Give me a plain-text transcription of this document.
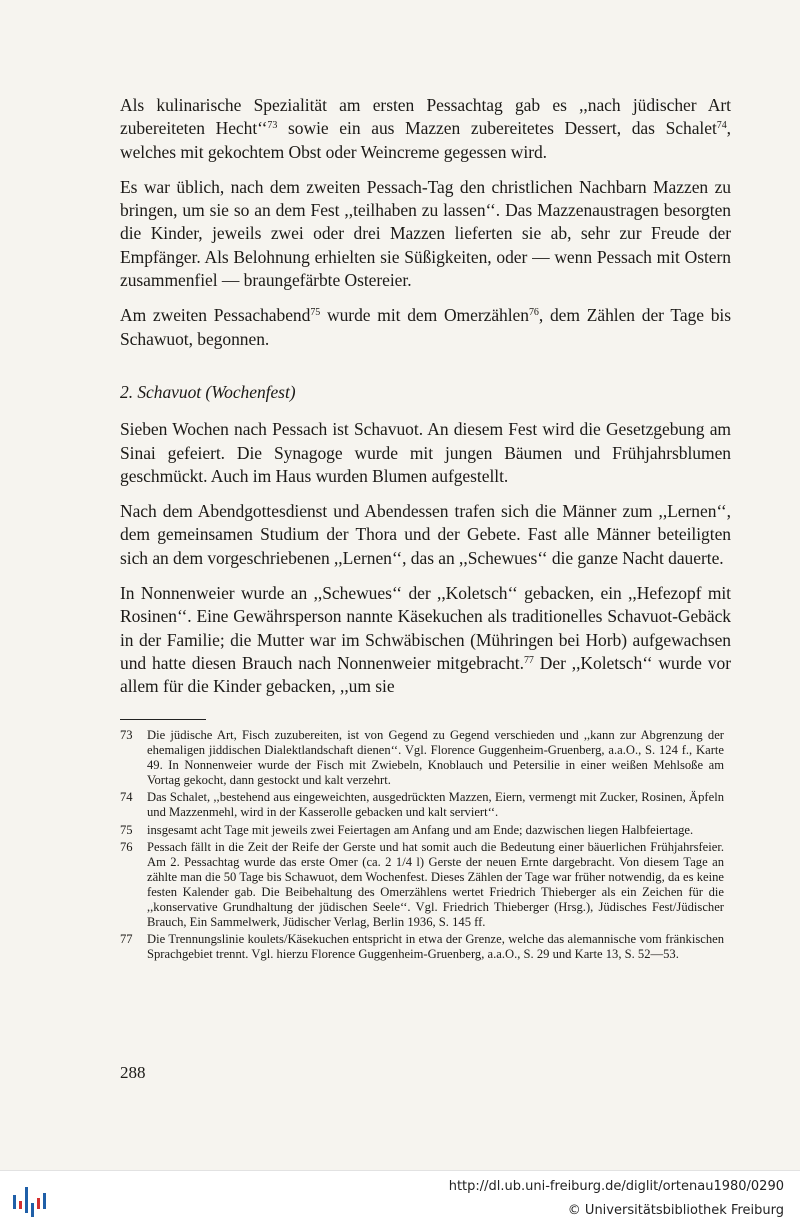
Als kulinarische Spezialität am ersten Pessachtag gab es ,,nach jüdischer Art zubereiteten Hecht‘‘$^{73}$ sowie ein aus Mazzen zubereitetes Dessert, das Schalet$^{74}$, welches mit gekochtem Obst oder Weincreme gegessen wird.

Es war üblich, nach dem zweiten Pessach-Tag den christlichen Nachbarn Mazzen zu bringen, um sie so an dem Fest ,,teilhaben zu lassen‘‘. Das Mazzenaustragen besorgten die Kinder, jeweils zwei oder drei Mazzen lieferten sie ab, sehr zur Freude der Empfänger. Als Belohnung erhielten sie Süßigkeiten, oder — wenn Pessach mit Ostern zusammenfiel — braungefärbte Ostereier.

Am zweiten Pessachabend$^{75}$ wurde mit dem Omerzählen$^{76}$, dem Zählen der Tage bis Schawuot, begonnen.

2. Schavuot (Wochenfest)

Sieben Wochen nach Pessach ist Schavuot. An diesem Fest wird die Gesetzgebung am Sinai gefeiert. Die Synagoge wurde mit jungen Bäumen und Frühjahrsblumen geschmückt. Auch im Haus wurden Blumen aufgestellt.

Nach dem Abendgottesdienst und Abendessen trafen sich die Männer zum ,,Lernen‘‘, dem gemeinsamen Studium der Thora und der Gebete. Fast alle Männer beteiligten sich an dem vorgeschriebenen ,,Lernen‘‘, das an ,,Schewues‘‘ die ganze Nacht dauerte.

In Nonnenweier wurde an ,,Schewues‘‘ der ,,Koletsch‘‘ gebacken, ein ,,Hefezopf mit Rosinen‘‘. Eine Gewährsperson nannte Käsekuchen als traditionelles Schavuot-Gebäck in der Familie; die Mutter war im Schwäbischen (Mühringen bei Horb) aufgewachsen und hatte diesen Brauch nach Nonnenweier mitgebracht.$^{77}$ Der ,,Koletsch‘‘ wurde vor allem für die Kinder gebacken, ,,um sie

73	Die jüdische Art, Fisch zuzubereiten, ist von Gegend zu Gegend verschieden und ,,kann zur Abgrenzung der ehemaligen jiddischen Dialektlandschaft dienen‘‘. Vgl. Florence Guggenheim-Gruenberg, a.a.O., S. 124 f., Karte 49. In Nonnenweier wurde der Fisch mit Zwiebeln, Knoblauch und Petersilie in einer weißen Mehlsoße am Vortag gekocht, dann gestockt und kalt verzehrt.
74	Das Schalet, ,,bestehend aus eingeweichten, ausgedrückten Mazzen, Eiern, vermengt mit Zucker, Rosinen, Äpfeln und Mazzenmehl, wird in der Kasserolle gebacken und kalt serviert‘‘.
75	insgesamt acht Tage mit jeweils zwei Feiertagen am Anfang und am Ende; dazwischen liegen Halbfeiertage.
76	Pessach fällt in die Zeit der Reife der Gerste und hat somit auch die Bedeutung einer bäuerlichen Frühjahrsfeier. Am 2. Pessachtag wurde das erste Omer (ca. 2 1/4 l) Gerste der neuen Ernte dargebracht. Von diesem Tage an zählte man die 50 Tage bis Schawuot, dem Wochenfest. Dieses Zählen der Tage war früher notwendig, da es keine festen Kalender gab. Die Beibehaltung des Omerzählens wertet Friedrich Thieberger als ein Zeichen für die ,,konservative Grundhaltung der jüdischen Seele‘‘. Vgl. Friedrich Thieberger (Hrsg.), Jüdisches Fest/Jüdischer Brauch, Ein Sammelwerk, Jüdischer Verlag, Berlin 1936, S. 145 ff.
77	Die Trennungslinie koulets/Käsekuchen entspricht in etwa der Grenze, welche das alemannische vom fränkischen Sprachgebiet trennt. Vgl. hierzu Florence Guggenheim-Gruenberg, a.a.O., S. 29 und Karte 13, S. 52—53.
288
http://dl.ub.uni-freiburg.de/diglit/ortenau1980/0290
© Universitätsbibliothek Freiburg
